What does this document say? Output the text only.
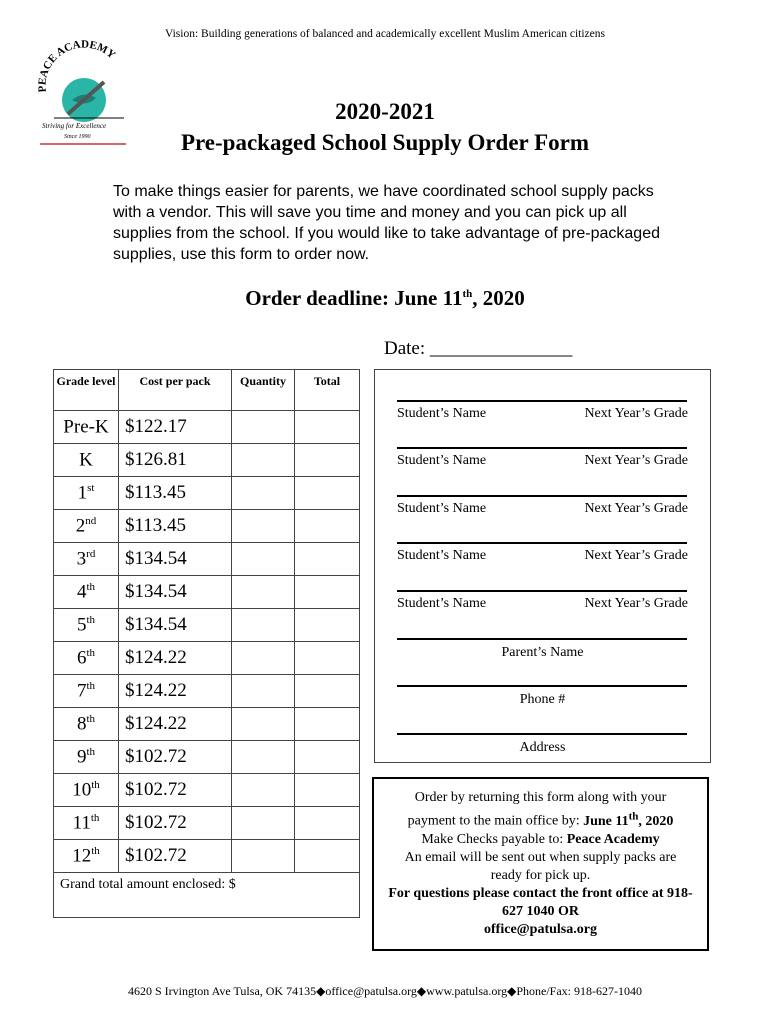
Vision: Building generations of balanced and academically excellent Muslim American citizens
PEACE ACADEMY
Striving for Excellence
Since 1990
2020-2021
Pre-packaged School Supply Order Form
To make things easier for parents, we have coordinated school supply packs with a vendor. This will save you time and money and you can pick up all supplies from the school. If you would like to take advantage of pre-packaged supplies, use this form to order now.
Order deadline: June 11th, 2020
Date: _______________
Grade level	Cost per pack	Quantity	Total
Pre-K	$122.17		
K	$126.81		
1st	$113.45		
2nd	$113.45		
3rd	$134.54		
4th	$134.54		
5th	$134.54		
6th	$124.22		
7th	$124.22		
8th	$124.22		
9th	$102.72		
10th	$102.72		
11th	$102.72		
12th	$102.72		
Grand total amount enclosed: $			
Student’s Name	Next Year’s Grade
Student’s Name	Next Year’s Grade
Student’s Name	Next Year’s Grade
Student’s Name	Next Year’s Grade
Student’s Name	Next Year’s Grade
Parent’s Name
Phone #
Address
Order by returning this form along with your
payment to the main office by: June 11th, 2020
Make Checks payable to: Peace Academy
An email will be sent out when supply packs are ready for pick up.
For questions please contact the front office at 918-627 1040 OR
office@patulsa.org
4620 S Irvington Ave Tulsa, OK 74135◆office@patulsa.org◆www.patulsa.org◆Phone/Fax: 918-627-1040
